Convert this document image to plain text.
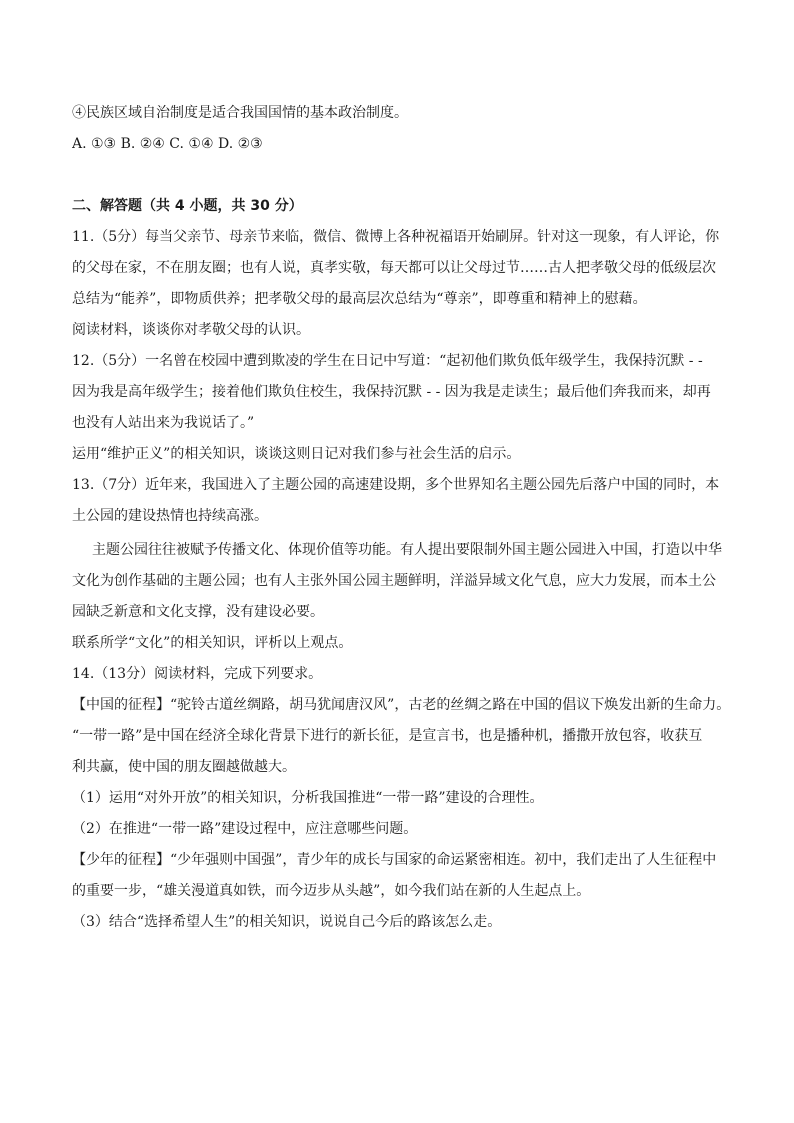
④民族区域自治制度是适合我国国情的基本政治制度。
A. ①③ B. ②④ C. ①④ D. ②③
二、解答题（共 4 小题，共 30 分）
11.（5分）每当父亲节、母亲节来临，微信、微博上各种祝福语开始刷屏。针对这一现象，有人评论，你
的父母在家，不在朋友圈；也有人说，真孝实敬，每天都可以让父母过节……古人把孝敬父母的低级层次
总结为“能养”，即物质供养；把孝敬父母的最高层次总结为“尊亲”，即尊重和精神上的慰藉。
阅读材料，谈谈你对孝敬父母的认识。
12.（5分）一名曾在校园中遭到欺凌的学生在日记中写道：“起初他们欺负低年级学生，我保持沉默 - -
因为我是高年级学生；接着他们欺负住校生，我保持沉默 - - 因为我是走读生；最后他们奔我而来，却再
也没有人站出来为我说话了。”
运用“维护正义”的相关知识，谈谈这则日记对我们参与社会生活的启示。
13.（7分）近年来，我国进入了主题公园的高速建设期，多个世界知名主题公园先后落户中国的同时，本
土公园的建设热情也持续高涨。
主题公园往往被赋予传播文化、体现价值等功能。有人提出要限制外国主题公园进入中国，打造以中华
文化为创作基础的主题公园；也有人主张外国公园主题鲜明，洋溢异域文化气息，应大力发展，而本土公
园缺乏新意和文化支撑，没有建设必要。
联系所学“文化”的相关知识，评析以上观点。
14.（13分）阅读材料，完成下列要求。
【中国的征程】“驼铃古道丝绸路，胡马犹闻唐汉风”，古老的丝绸之路在中国的倡议下焕发出新的生命力。
“一带一路”是中国在经济全球化背景下进行的新长征，是宣言书，也是播种机，播撒开放包容，收获互
利共赢，使中国的朋友圈越做越大。
（1）运用“对外开放”的相关知识，分析我国推进“一带一路”建设的合理性。
（2）在推进“一带一路”建设过程中，应注意哪些问题。
【少年的征程】“少年强则中国强”，青少年的成长与国家的命运紧密相连。初中，我们走出了人生征程中
的重要一步，“雄关漫道真如铁，而今迈步从头越”，如今我们站在新的人生起点上。
（3）结合“选择希望人生”的相关知识，说说自己今后的路该怎么走。
